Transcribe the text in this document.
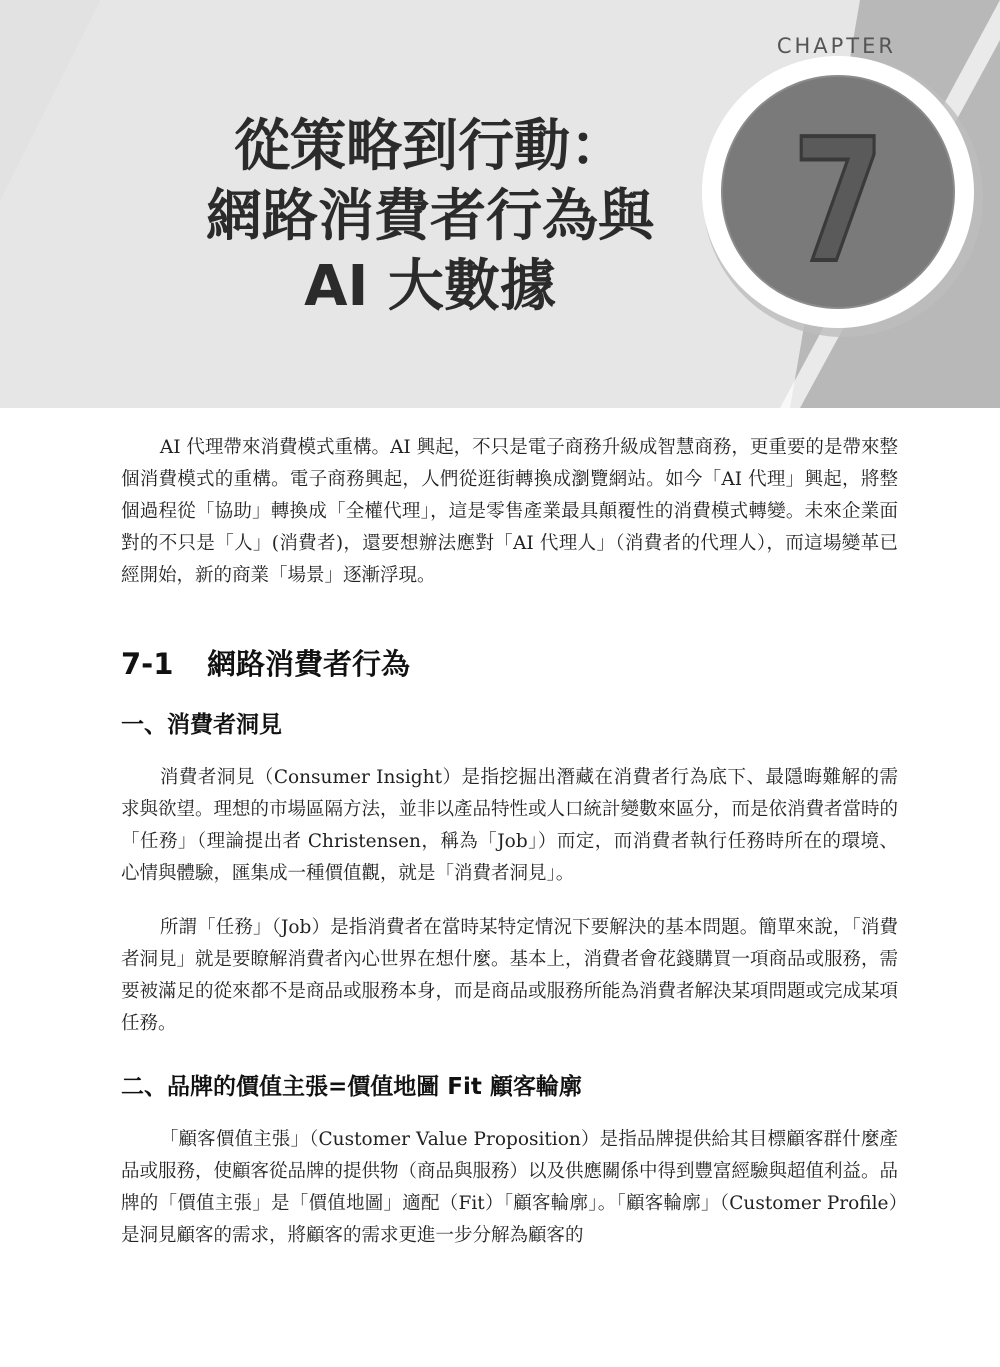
CHAPTER
從策略到行動：
網路消費者行為與
AI 大數據	7

AI 代理帶來消費模式重構。AI 興起，不只是電子商務升級成智慧商務，更重要的是帶來整個消費模式的重構。電子商務興起，人們從逛街轉換成瀏覽網站。如今「AI 代理」興起，將整個過程從「協助」轉換成「全權代理」，這是零售產業最具顛覆性的消費模式轉變。未來企業面對的不只是「人」(消費者)，還要想辦法應對「AI 代理人」（消費者的代理人），而這場變革已經開始，新的商業「場景」逐漸浮現。

7-1 網路消費者行為
一、消費者洞見

消費者洞見（Consumer Insight）是指挖掘出潛藏在消費者行為底下、最隱晦難解的需求與欲望。理想的市場區隔方法，並非以產品特性或人口統計變數來區分，而是依消費者當時的「任務」（理論提出者 Christensen，稱為「Job」）而定，而消費者執行任務時所在的環境、心情與體驗，匯集成一種價值觀，就是「消費者洞見」。

所謂「任務」（Job）是指消費者在當時某特定情況下要解決的基本問題。簡單來說，「消費者洞見」就是要瞭解消費者內心世界在想什麼。基本上，消費者會花錢購買一項商品或服務，需要被滿足的從來都不是商品或服務本身，而是商品或服務所能為消費者解決某項問題或完成某項任務。

二、品牌的價值主張=價值地圖 Fit 顧客輪廓

「顧客價值主張」（Customer Value Proposition）是指品牌提供給其目標顧客群什麼產品或服務，使顧客從品牌的提供物（商品與服務）以及供應關係中得到豐富經驗與超值利益。品牌的「價值主張」是「價值地圖」適配（Fit）「顧客輪廓」。「顧客輪廓」（Customer Profile）是洞見顧客的需求，將顧客的需求更進一步分解為顧客的
